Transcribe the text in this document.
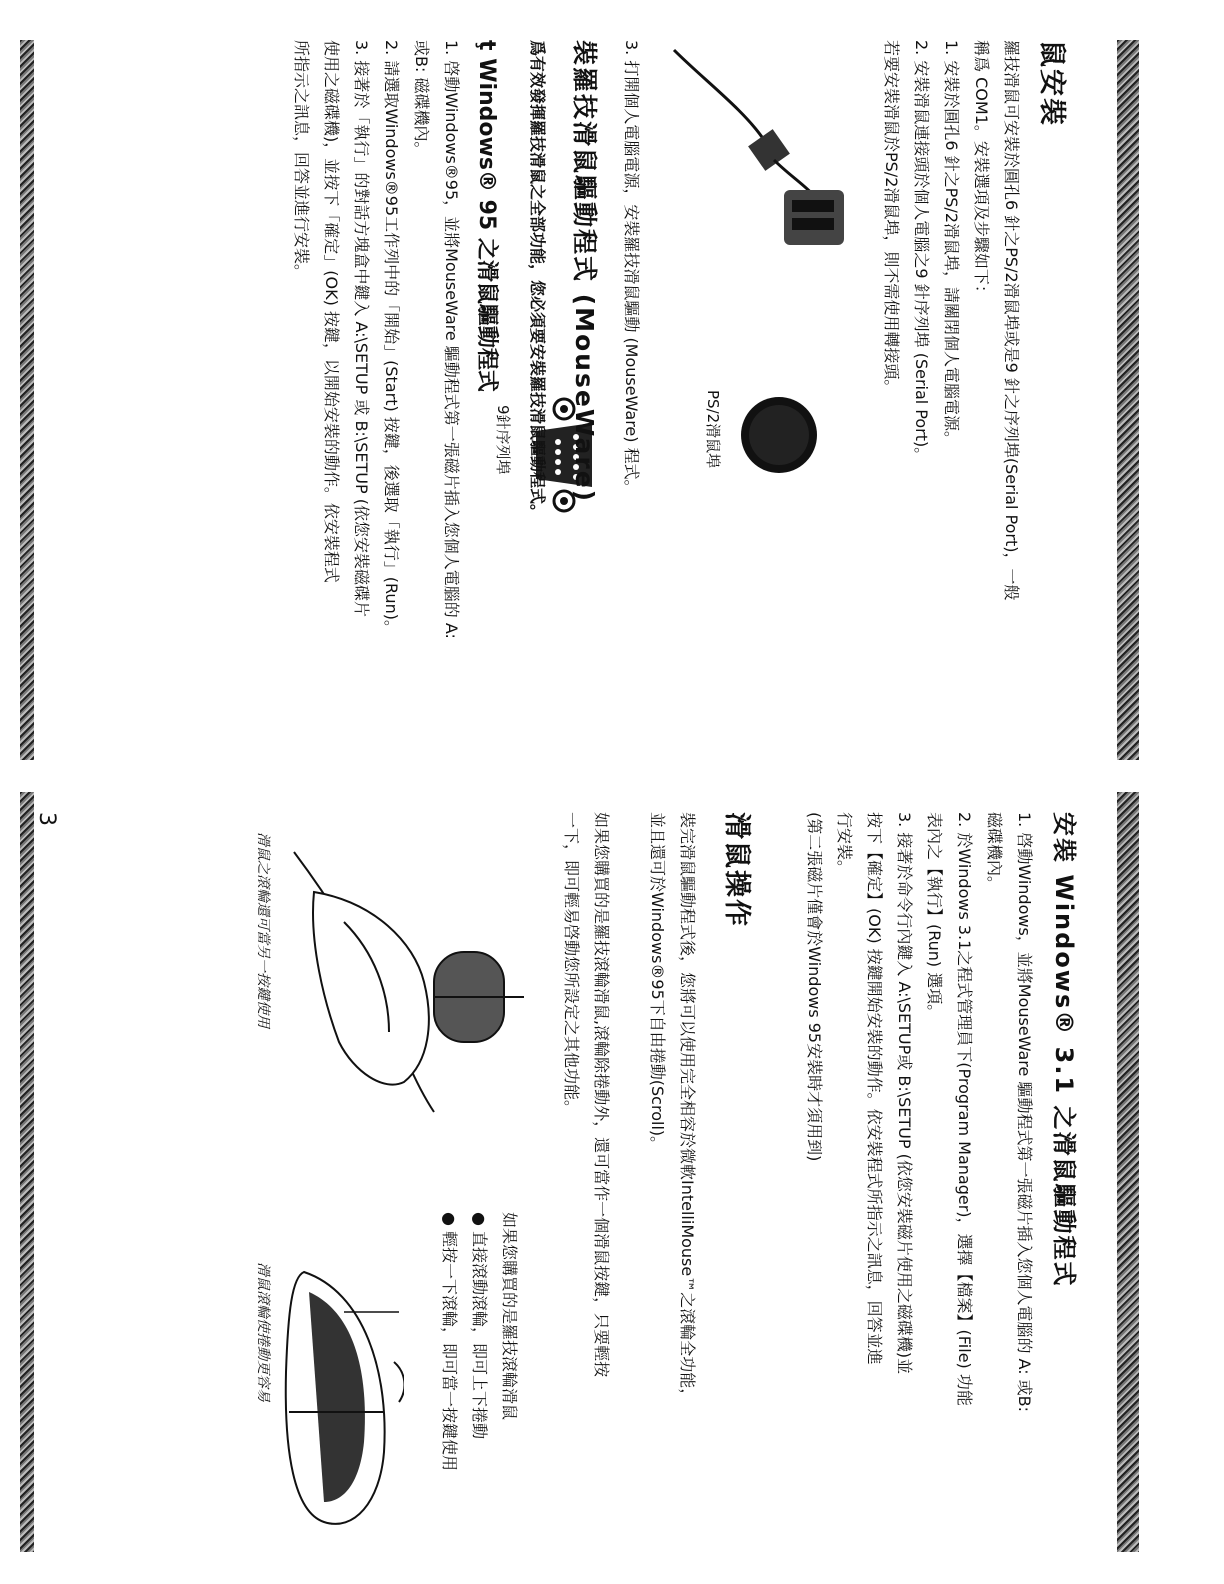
鼠安裝
羅技滑鼠可安裝於圓孔6 針之PS/2滑鼠埠或是9 針之序列埠(Serial Port)，一般
稱爲 COM1。安裝選項及步驟如下：
1. 安裝於圓孔6 針之PS/2滑鼠埠，請關閉個人電腦電源。
2. 安裝滑鼠連接頭於個人電腦之9 針序列埠 (Serial Port)。
若要安裝滑鼠於PS/2滑鼠埠，則不需使用轉接頭。
PS/2滑鼠埠
9針序列埠	3. 打開個人電腦電源，安裝羅技滑鼠驅動 (MouseWare) 程式。
裝羅技滑鼠驅動程式 (MouseWare)
爲有效發揮羅技滑鼠之全部功能，您必須要安裝羅技滑鼠驅動程式。
ţ Windows® 95 之滑鼠驅動程式
1. 啓動Windows®95，並將MouseWare 驅動程式第一張磁片插入您個人電腦的 A:
或B: 磁碟機內。
2. 請選取Windows®95工作列中的「開始」(Start) 按鍵，後選取「執行」(Run)。
3. 接著於「執行」的對話方塊盒中鍵入 A:\SETUP 或 B:\SETUP (依您安裝磁碟片
使用之磁碟機)，並按下「確定」(OK) 按鍵，以開始安裝的動作。依安裝程式
所指示之訊息，回答並進行安裝。
安裝 Windows® 3.1 之滑鼠驅動程式
1. 啓動Windows，並將MouseWare 驅動程式第一張磁片插入您個人電腦的 A: 或B:
磁碟機內。
2. 於Windows 3.1之程式管理員下(Program Manager)，選擇【檔案】(File) 功能
表內之【執行】(Run) 選項。
3. 接著於命令行內鍵入 A:\SETUP或 B:\SETUP (依您安裝磁片使用之磁碟機)並
按下【確定】(OK) 按鍵開始安裝的動作。依安裝程式所指示之訊息，回答並進
行安裝。
(第二張磁片僅會於Windows 95安裝時才須用到)
滑鼠操作
裝完滑鼠驅動程式後，您將可以使用完全相容於微軟IntelliMouse™之滾輪全功能，
並且還可於Windows®95下自由捲動(Scroll)。
如果您購買的是羅技滾輪滑鼠,滾輪除捲動外，還可當作一個滑鼠按鍵，只要輕按
一下，即可輕易啓動您所設定之其他功能。
滑鼠之滾輪還可當另一按鍵使用
如果您購買的是羅技滾輪滑鼠
● 直接滾動滾輪，即可上下捲動
● 輕按一下滾輪，即可當一按鍵使用
滑鼠滾輪使捲動更容易
3
